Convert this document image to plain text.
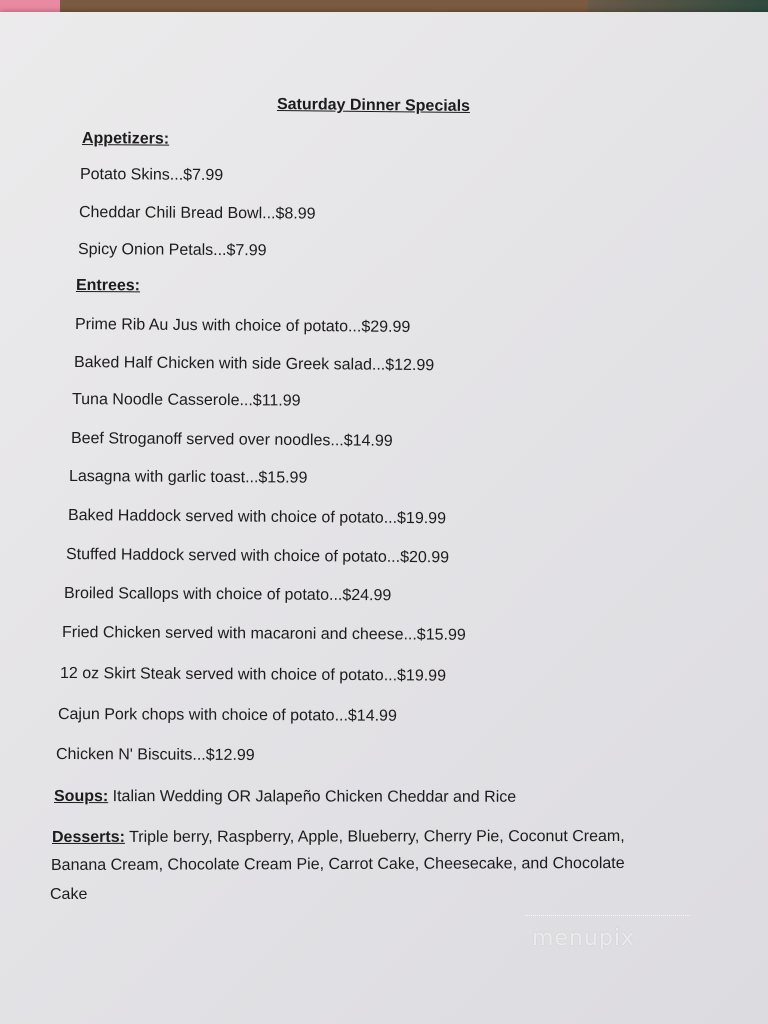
Saturday Dinner Specials
Appetizers:
Potato Skins...$7.99
Cheddar Chili Bread Bowl...$8.99
Spicy Onion Petals...$7.99
Entrees:
Prime Rib Au Jus with choice of potato...$29.99
Baked Half Chicken with side Greek salad...$12.99
Tuna Noodle Casserole...$11.99
Beef Stroganoff served over noodles...$14.99
Lasagna with garlic toast...$15.99
Baked Haddock served with choice of potato...$19.99
Stuffed Haddock served with choice of potato...$20.99
Broiled Scallops with choice of potato...$24.99
Fried Chicken served with macaroni and cheese...$15.99
12 oz Skirt Steak served with choice of potato...$19.99
Cajun Pork chops with choice of potato...$14.99
Chicken N' Biscuits...$12.99
Soups: Italian Wedding OR Jalapeño Chicken Cheddar and Rice
Desserts: Triple berry, Raspberry, Apple, Blueberry, Cherry Pie, Coconut Cream,
Banana Cream, Chocolate Cream Pie, Carrot Cake, Cheesecake, and Chocolate
Cake
menupix
